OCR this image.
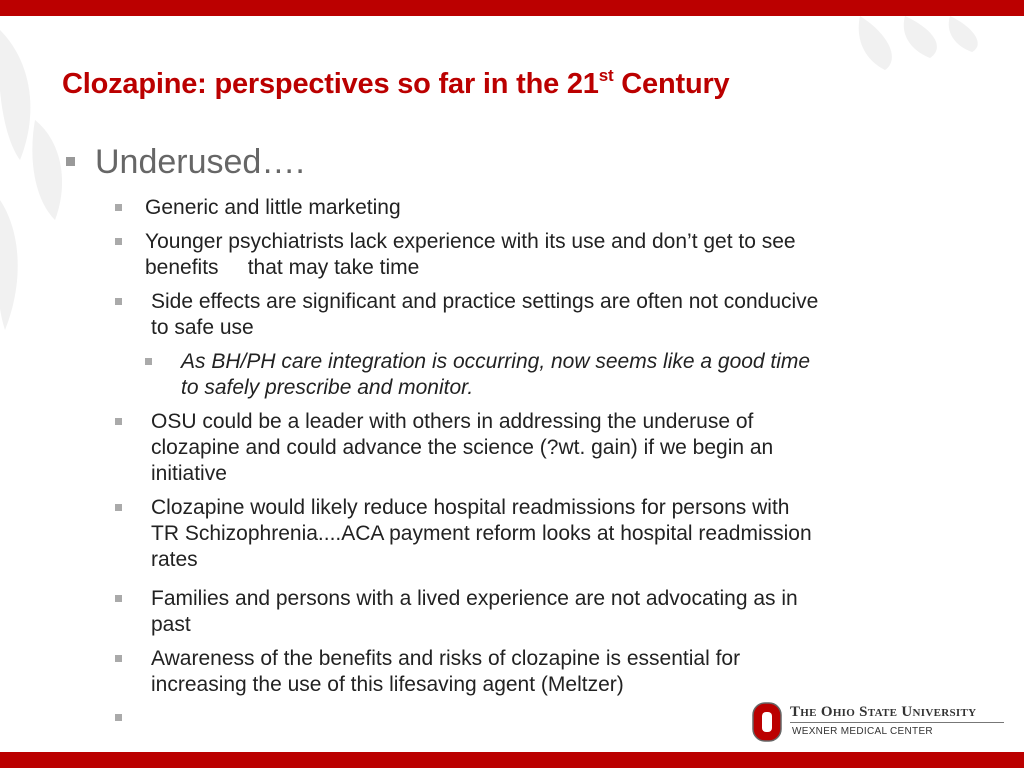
Clozapine: perspectives so far in the 21st Century
Underused….
Generic and little marketing
Younger psychiatrists lack experience with its use and don’t get to see
benefits     that may take time
Side effects are significant and practice settings are often not conducive
to safe use
As BH/PH care integration is occurring, now seems like a good time
to safely prescribe and monitor.
OSU could be a leader with others in addressing the underuse of
clozapine and could advance the science (?wt. gain) if we begin an
initiative
Clozapine would likely reduce hospital readmissions for persons with
TR Schizophrenia....ACA payment reform looks at hospital readmission
rates
Families and persons with a lived experience are not advocating as in
past
Awareness of the benefits and risks of clozapine is essential for
increasing the use of this lifesaving agent (Meltzer)
The Ohio State University
WEXNER MEDICAL CENTER
